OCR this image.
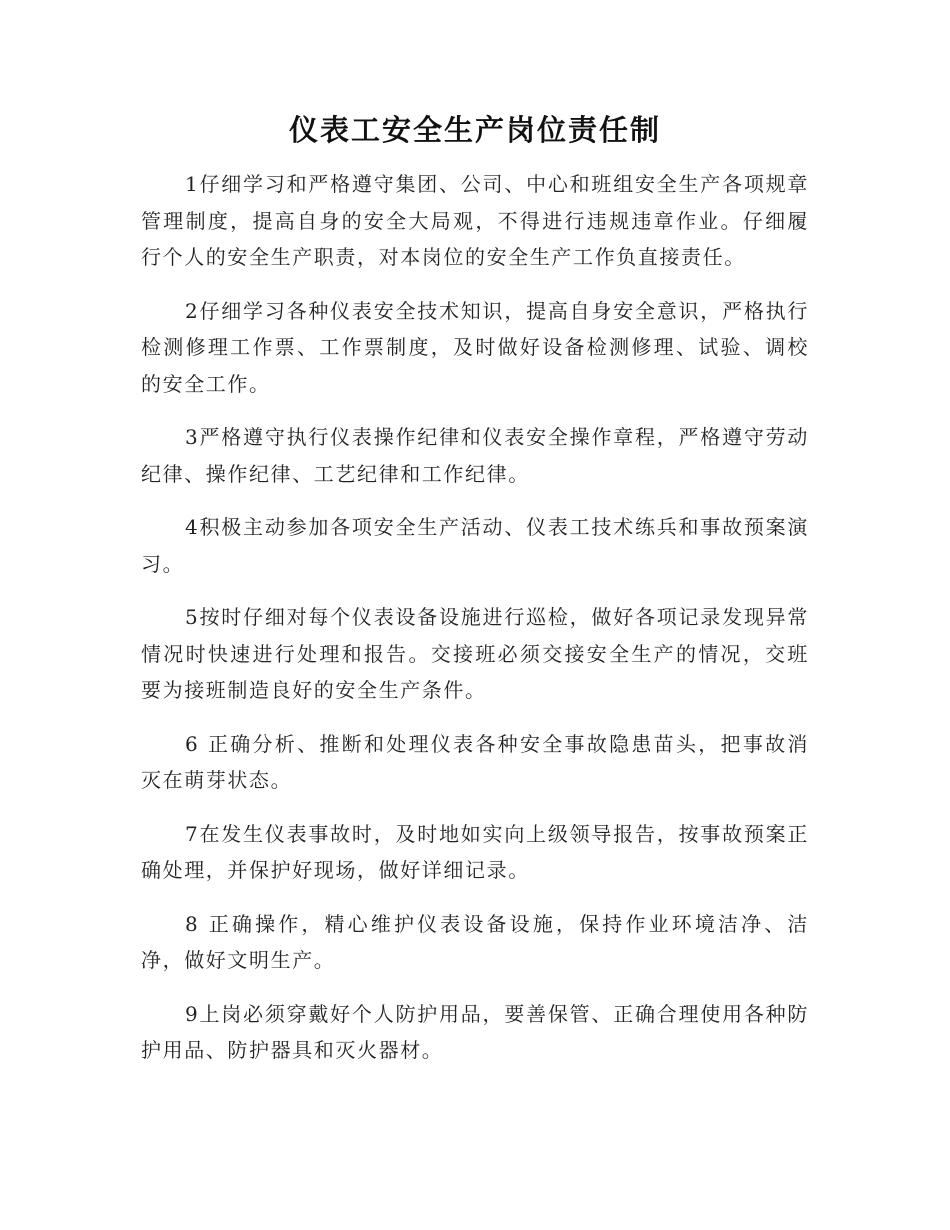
仪表工安全生产岗位责任制

1仔细学习和严格遵守集团、公司、中心和班组安全生产各项规章管理制度，提高自身的安全大局观，不得进行违规违章作业。仔细履行个人的安全生产职责，对本岗位的安全生产工作负直接责任。

2仔细学习各种仪表安全技术知识，提高自身安全意识，严格执行检测修理工作票、工作票制度，及时做好设备检测修理、试验、调校的安全工作。

3严格遵守执行仪表操作纪律和仪表安全操作章程，严格遵守劳动纪律、操作纪律、工艺纪律和工作纪律。

4积极主动参加各项安全生产活动、仪表工技术练兵和事故预案演习。

5按时仔细对每个仪表设备设施进行巡检，做好各项记录发现异常情况时快速进行处理和报告。交接班必须交接安全生产的情况，交班要为接班制造良好的安全生产条件。

6 正确分析、推断和处理仪表各种安全事故隐患苗头，把事故消灭在萌芽状态。

7在发生仪表事故时，及时地如实向上级领导报告，按事故预案正确处理，并保护好现场，做好详细记录。

8 正确操作，精心维护仪表设备设施，保持作业环境洁净、洁净，做好文明生产。

9上岗必须穿戴好个人防护用品，要善保管、正确合理使用各种防护用品、防护器具和灭火器材。
